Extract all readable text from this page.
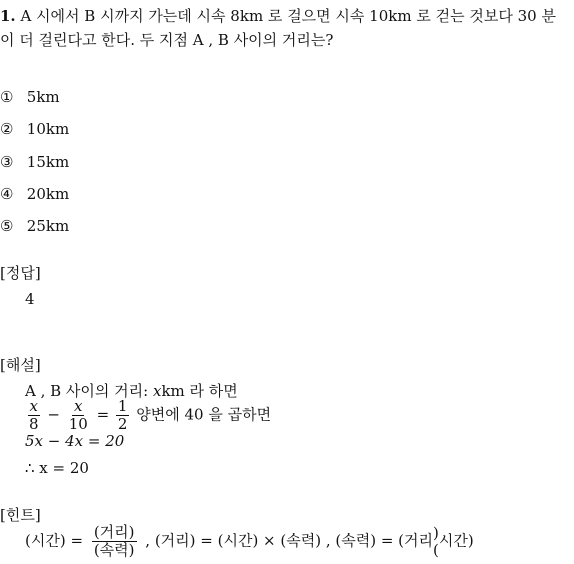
1. A 시에서 B 시까지 가는데 시속 8km 로 걸으면 시속 10km 로 걷는 것보다 30 분이 더 걸린다고 한다. 두 지점 A , B 사이의 거리는?
① 5km
② 10km
③ 15km
④ 20km
⑤ 25km
[정답]
4
[해설]
A , B 사이의 거리: xkm 라 하면
$\frac{x}{8} - \frac{x}{10} = \frac{1}{2}$ 양변에 40 을 곱하면
5x − 4x = 20
∴ x = 20
[힌트]
(시간) = $\frac{\text{(거리)}}{\text{(속력)}}$ , (거리) = (시간) × (속력) , (속력) = (거리 )
( 시간)
